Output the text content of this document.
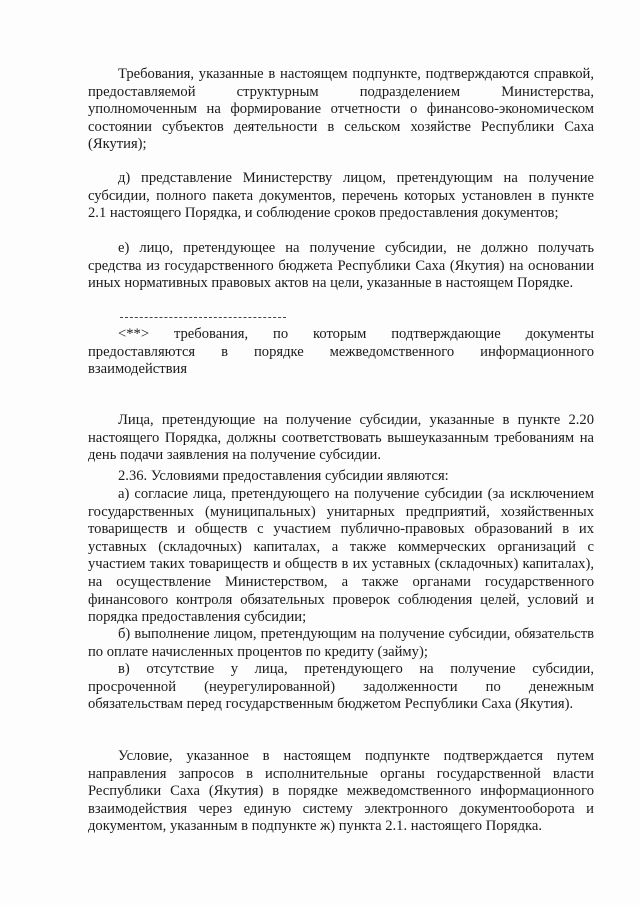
Требования, указанные в настоящем подпункте, подтверждаются справкой, предоставляемой структурным подразделением Министерства, уполномоченным на формирование отчетности о финансово-экономическом состоянии субъектов деятельности в сельском хозяйстве Республики Саха (Якутия);

д) представление Министерству лицом, претендующим на получение субсидии, полного пакета документов, перечень которых установлен в пункте 2.1 настоящего Порядка, и соблюдение сроков предоставления документов;

е) лицо, претендующее на получение субсидии, не должно получать средства из государственного бюджета Республики Саха (Якутия) на основании иных нормативных правовых актов на цели, указанные в настоящем Порядке.

<**> требования, по которым подтверждающие документы предоставляются в порядке межведомственного информационного взаимодействия

Лица, претендующие на получение субсидии, указанные в пункте 2.20 настоящего Порядка, должны соответствовать вышеуказанным требованиям на день подачи заявления на получение субсидии.

2.36. Условиями предоставления субсидии являются:

а) согласие лица, претендующего на получение субсидии (за исключением государственных (муниципальных) унитарных предприятий, хозяйственных товариществ и обществ с участием публично-правовых образований в их уставных (складочных) капиталах, а также коммерческих организаций с участием таких товариществ и обществ в их уставных (складочных) капиталах), на осуществление Министерством, а также органами государственного финансового контроля обязательных проверок соблюдения целей, условий и порядка предоставления субсидии;

б) выполнение лицом, претендующим на получение субсидии, обязательств по оплате начисленных процентов по кредиту (займу);

в) отсутствие у лица, претендующего на получение субсидии, просроченной (неурегулированной) задолженности по денежным обязательствам перед государственным бюджетом Республики Саха (Якутия).

Условие, указанное в настоящем подпункте подтверждается путем направления запросов в исполнительные органы государственной власти Республики Саха (Якутия) в порядке межведомственного информационного взаимодействия через единую систему электронного документооборота и документом, указанным в подпункте ж) пункта 2.1. настоящего Порядка.
